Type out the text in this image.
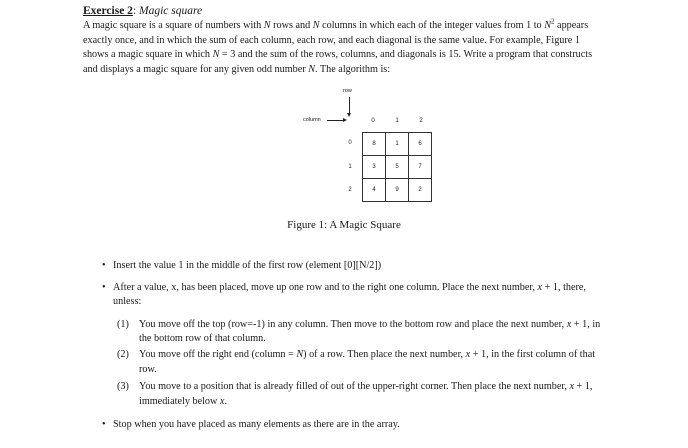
Exercise 2: Magic square
A magic square is a square of numbers with N rows and N columns in which each of the integer values from 1 to $N^2$ appears
exactly once, and in which the sum of each column, each row, and each diagonal is the same value. For example, Figure 1
shows a magic square in which N = 3 and the sum of the rows, columns, and diagonals is 15. Write a program that constructs
and displays a magic square for any given odd number N. The algorithm is:
row
column	0	1	2
0
1
2
8	1	6
3	5	7
4	9	2
Figure 1: A Magic Square
• Insert the value 1 in the middle of the first row (element [0][N/2])
• After a value, x, has been placed, move up one row and to the right one column. Place the next number, x + 1, there,
unless:
(1) You move off the top (row=-1) in any column. Then move to the bottom row and place the next number, x + 1, in
the bottom row of that column.
(2) You move off the right end (column = N) of a row. Then place the next number, x + 1, in the first column of that
row.
(3) You move to a position that is already filled of out of the upper-right corner. Then place the next number, x + 1,
immediately below x.
• Stop when you have placed as many elements as there are in the array.
